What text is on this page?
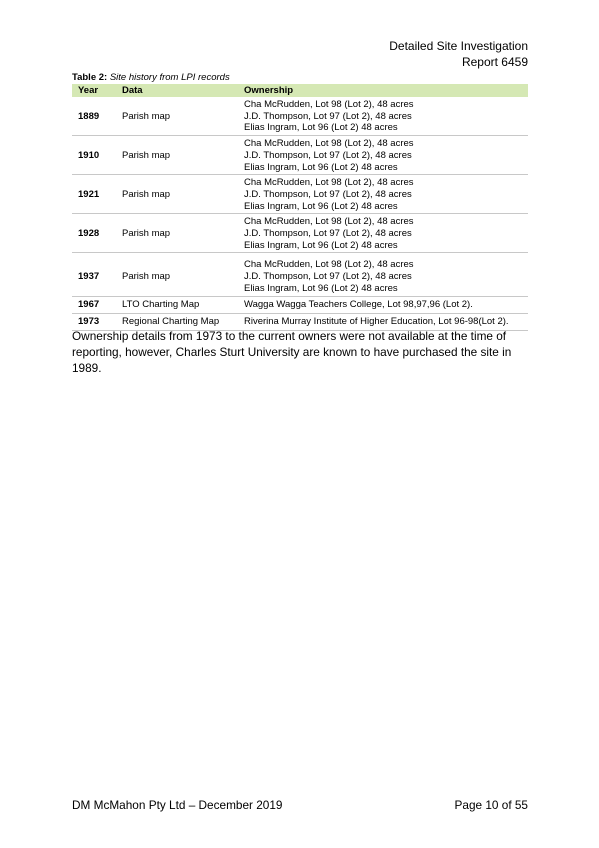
Detailed Site Investigation
Report 6459
Table 2: Site history from LPI records
Year	Data	Ownership
1889	Parish map	Cha McRudden, Lot 98 (Lot 2), 48 acres
J.D. Thompson, Lot 97 (Lot 2), 48 acres
Elias Ingram, Lot 96 (Lot 2) 48 acres

1910	Parish map	Cha McRudden, Lot 98 (Lot 2), 48 acres
J.D. Thompson, Lot 97 (Lot 2), 48 acres
Elias Ingram, Lot 96 (Lot 2) 48 acres

1921	Parish map	Cha McRudden, Lot 98 (Lot 2), 48 acres
J.D. Thompson, Lot 97 (Lot 2), 48 acres
Elias Ingram, Lot 96 (Lot 2) 48 acres

1928	Parish map	Cha McRudden, Lot 98 (Lot 2), 48 acres
J.D. Thompson, Lot 97 (Lot 2), 48 acres
Elias Ingram, Lot 96 (Lot 2) 48 acres

1937	Parish map	Cha McRudden, Lot 98 (Lot 2), 48 acres
J.D. Thompson, Lot 97 (Lot 2), 48 acres
Elias Ingram, Lot 96 (Lot 2) 48 acres

1967	LTO Charting Map	Wagga Wagga Teachers College, Lot 98,97,96 (Lot 2).
1973	Regional Charting Map	Riverina Murray Institute of Higher Education, Lot 96-98(Lot 2).

Ownership details from 1973 to the current owners were not available at the time of reporting, however, Charles Sturt University are known to have purchased the site in 1989.

DM McMahon Pty Ltd – December 2019	Page 10 of 55
